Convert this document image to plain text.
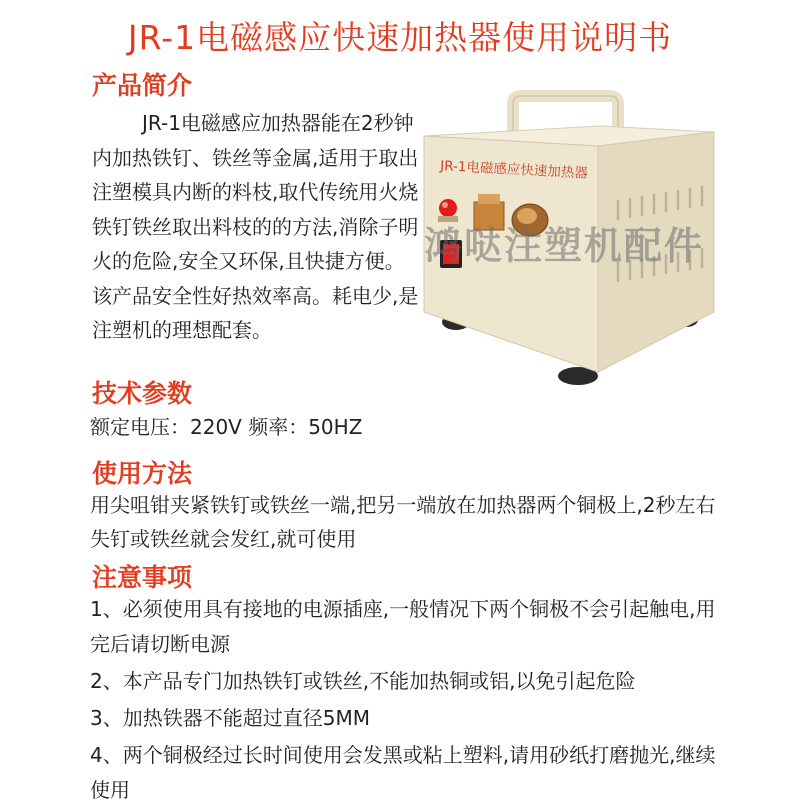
JR-1电磁感应快速加热器使用说明书
产品简介

JR-1电磁感应加热器能在2秒钟内加热铁钉、铁丝等金属,适用于取出注塑模具内断的料枝,取代传统用火烧铁钉铁丝取出料枝的的方法,消除子明火的危险,安全又环保,且快捷方便。该产品安全性好热效率高。耗电少,是注塑机的理想配套。

JR-1电磁感应快速加热器
鸿哒注塑机配件
技术参数
额定电压：220V 频率：50HZ
使用方法
用尖咀钳夹紧铁钉或铁丝一端,把另一端放在加热器两个铜极上,2秒左右失钉或铁丝就会发红,就可使用
注意事项

1、必须使用具有接地的电源插座,一般情况下两个铜极不会引起触电,用完后请切断电源

2、本产品专门加热铁钉或铁丝,不能加热铜或铝,以免引起危险

3、加热铁器不能超过直径5MM

4、两个铜极经过长时间使用会发黑或粘上塑料,请用砂纸打磨抛光,继续使用
